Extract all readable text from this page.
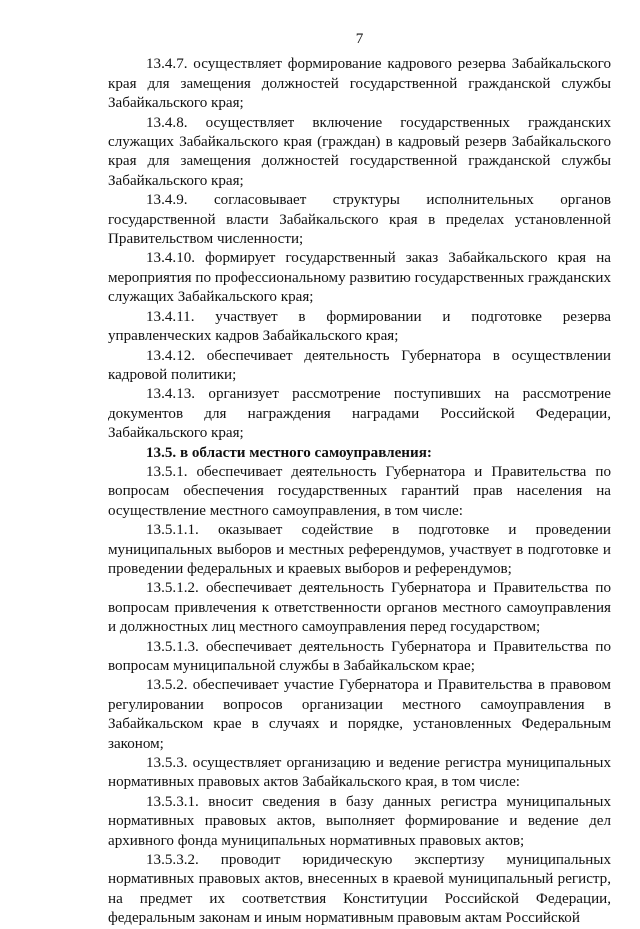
7

13.4.7. осуществляет формирование кадрового резерва Забайкальского края для замещения должностей государственной гражданской службы Забайкальского края;

13.4.8. осуществляет включение государственных гражданских служащих Забайкальского края (граждан) в кадровый резерв Забайкальского края для замещения должностей государственной гражданской службы Забайкальского края;

13.4.9. согласовывает структуры исполнительных органов государственной власти Забайкальского края в пределах установленной Правительством численности;

13.4.10. формирует государственный заказ Забайкальского края на мероприятия по профессиональному развитию государственных гражданских служащих Забайкальского края;

13.4.11. участвует в формировании и подготовке резерва управленческих кадров Забайкальского края;

13.4.12. обеспечивает деятельность Губернатора в осуществлении кадровой политики;

13.4.13. организует рассмотрение поступивших на рассмотрение документов для награждения наградами Российской Федерации, Забайкальского края;

13.5. в области местного самоуправления:

13.5.1. обеспечивает деятельность Губернатора и Правительства по вопросам обеспечения государственных гарантий прав населения на осуществление местного самоуправления, в том числе:

13.5.1.1. оказывает содействие в подготовке и проведении муниципальных выборов и местных референдумов, участвует в подготовке и проведении федеральных и краевых выборов и референдумов;

13.5.1.2. обеспечивает деятельность Губернатора и Правительства по вопросам привлечения к ответственности органов местного самоуправления и должностных лиц местного самоуправления перед государством;

13.5.1.3. обеспечивает деятельность Губернатора и Правительства по вопросам муниципальной службы в Забайкальском крае;

13.5.2. обеспечивает участие Губернатора и Правительства в правовом регулировании вопросов организации местного самоуправления в Забайкальском крае в случаях и порядке, установленных Федеральным законом;

13.5.3. осуществляет организацию и ведение регистра муниципальных нормативных правовых актов Забайкальского края, в том числе:

13.5.3.1. вносит сведения в базу данных регистра муниципальных нормативных правовых актов, выполняет формирование и ведение дел архивного фонда муниципальных нормативных правовых актов;

13.5.3.2. проводит юридическую экспертизу муниципальных нормативных правовых актов, внесенных в краевой муниципальный регистр, на предмет их соответствия Конституции Российской Федерации, федеральным законам и иным нормативным правовым актам Российской
